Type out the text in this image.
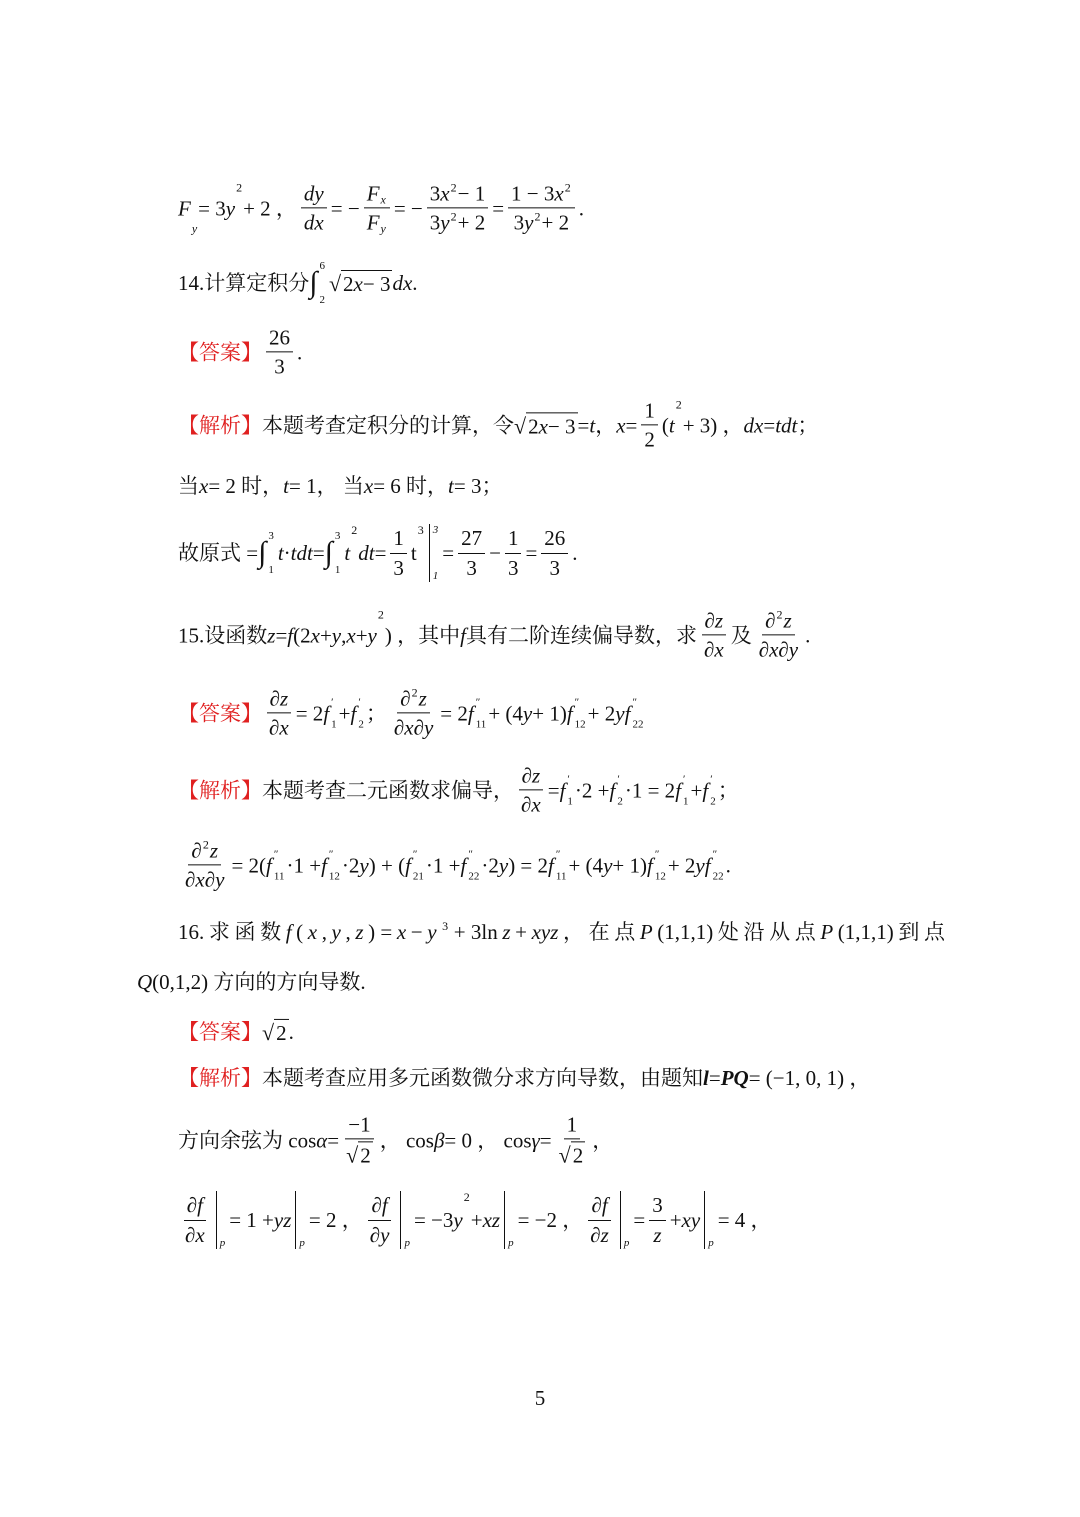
F
y
= 3 y
2
+ 2 ， $\frac{dy}{dx}$ = − $\frac{\text{F x}}{\text{F y}}$ = − $\frac{3 x 2 - 1}{3 y 2 + 2} = \frac{1 - 3 x 2}{3 y 2 + 2}$ .
14.计算定积分 ∫ 6
2
√ 2 x − 3 dx .
【答案】 $\frac{26}{3}$ .
【解析】 本题考查定积分的计算，令 √ 2 x − 3 = t ， $x = \frac{1}{2}$ ( t
2
+ 3) ， dx = tdt ；
当 x = 2 时， t = 1， 当 x = 6 时， t = 3；
故原式 = ∫ 3
1
t · tdt = ∫ 3
1
t
2
dt = $\frac{1}{3}$ t
3 3
1
= $\frac{27}{3} - \frac{1}{3} = \frac{26}{3}$ .
15.设函数 z = f (2 x + y , x + y
2
) ，其中 f 具有二阶连续偏导数，求 $\frac{\partial z}{\partial x}$ 及 $\frac{\partial 2 z}{\partial x \partial y}$ .
【答案】 $\frac{\partial z}{\partial x} = 2$ f ′
1 + f ′
2 ； $\frac{\partial 2 z}{\partial x \partial y} = 2$ f ″
11 + (4 y + 1) f ″
12 + 2 y f ″
22
【解析】 本题考查二元函数求偏导， $\frac{\partial z}{\partial x} = f$ ′
1 ·2 + f ′
2 ·1 = 2 f ′
1 + f ′
2 ；
$\frac{\partial 2 z}{\partial x \partial y} = 2$( f ″
11 ·1 + f ″
12 ·2 y ) + ( f ″
21 ·1 + f ″
22 ·2 y ) = 2 f ″
11 + (4 y + 1) f ″
12 + 2 y f ″
22 .
16. 求 函 数 f ( x , y , z ) = x − y 3 + 3ln z + xyz ， 在 点 P (1,1,1) 处 沿 从 点 P (1,1,1) 到 点
Q (0,1,2) 方向的方向导数.
【答案】 √ 2 .
【解析】 本题考查应用多元函数微分求方向导数，由题知 l = PQ = (−1, 0, 1) ，
方向余弦为 $\cos \alpha = \frac{-1}{√ 2}$ ， cos β = 0 ， $\cos \gamma = \frac{1}{√ 2}$ ，
$\frac{\partial f}{\partial x}$ p
= 1 + yz
p
= 2 ， $\frac{\partial f}{\partial y}$ p
= −3 y
2
+ xz
p
= −2 ， $\frac{\partial f}{\partial z}$ p
= $\frac{3}{z}$ + xy
p
= 4 ，
5
